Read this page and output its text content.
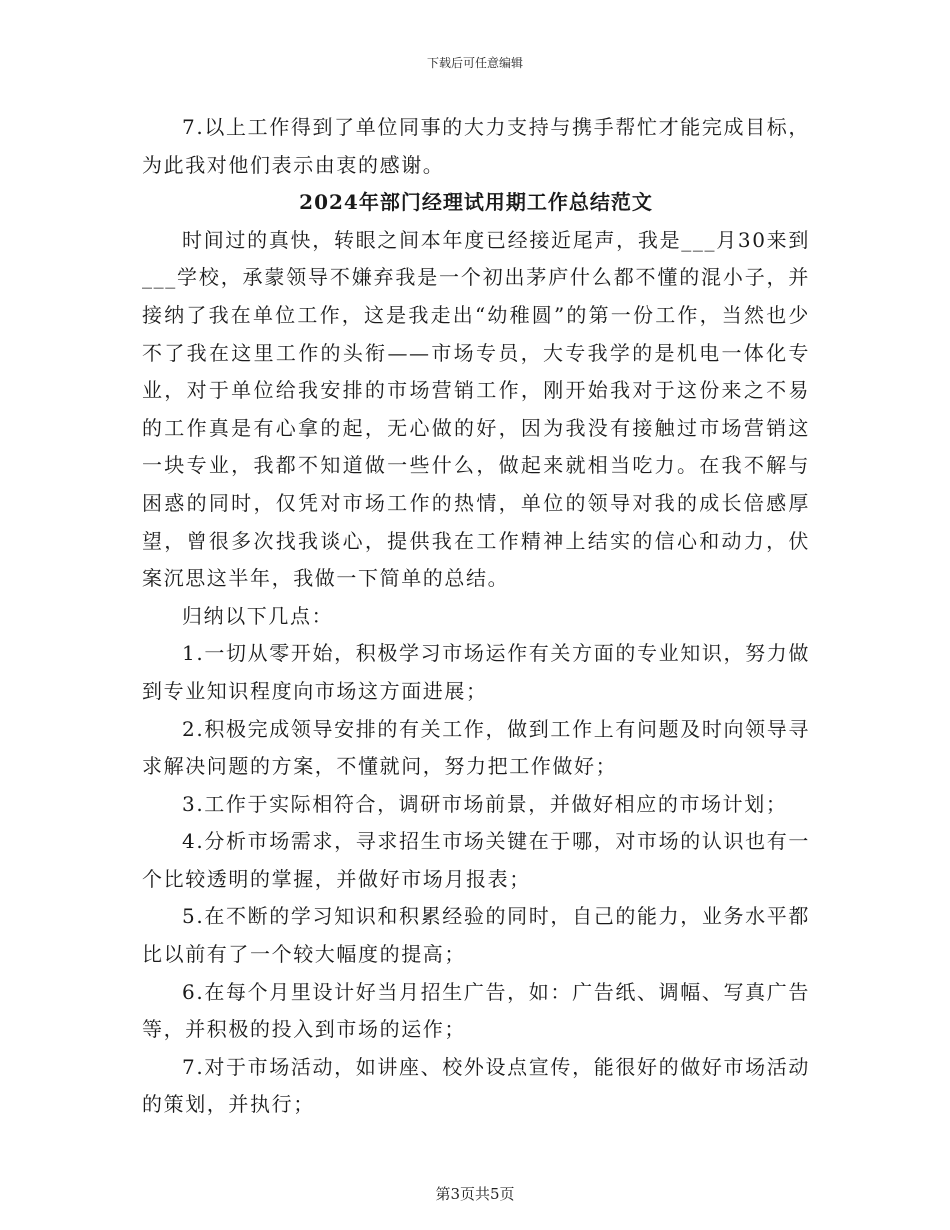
下载后可任意编辑

7.以上工作得到了单位同事的大力支持与携手帮忙才能完成目标，为此我对他们表示由衷的感谢。

2024年部门经理试用期工作总结范文

时间过的真快，转眼之间本年度已经接近尾声，我是___月30来到___学校，承蒙领导不嫌弃我是一个初出茅庐什么都不懂的混小子，并接纳了我在单位工作，这是我走出“幼稚圆”的第一份工作，当然也少不了我在这里工作的头衔——市场专员，大专我学的是机电一体化专业，对于单位给我安排的市场营销工作，刚开始我对于这份来之不易的工作真是有心拿的起，无心做的好，因为我没有接触过市场营销这一块专业，我都不知道做一些什么，做起来就相当吃力。在我不解与困惑的同时，仅凭对市场工作的热情，单位的领导对我的成长倍感厚望，曾很多次找我谈心，提供我在工作精神上结实的信心和动力，伏案沉思这半年，我做一下简单的总结。

归纳以下几点：

1.一切从零开始，积极学习市场运作有关方面的专业知识，努力做到专业知识程度向市场这方面进展；

2.积极完成领导安排的有关工作，做到工作上有问题及时向领导寻求解决问题的方案，不懂就问，努力把工作做好；

3.工作于实际相符合，调研市场前景，并做好相应的市场计划；

4.分析市场需求，寻求招生市场关键在于哪，对市场的认识也有一个比较透明的掌握，并做好市场月报表；

5.在不断的学习知识和积累经验的同时，自己的能力，业务水平都比以前有了一个较大幅度的提高；

6.在每个月里设计好当月招生广告，如：广告纸、调幅、写真广告等，并积极的投入到市场的运作；

7.对于市场活动，如讲座、校外设点宣传，能很好的做好市场活动的策划，并执行；

第3页共5页
